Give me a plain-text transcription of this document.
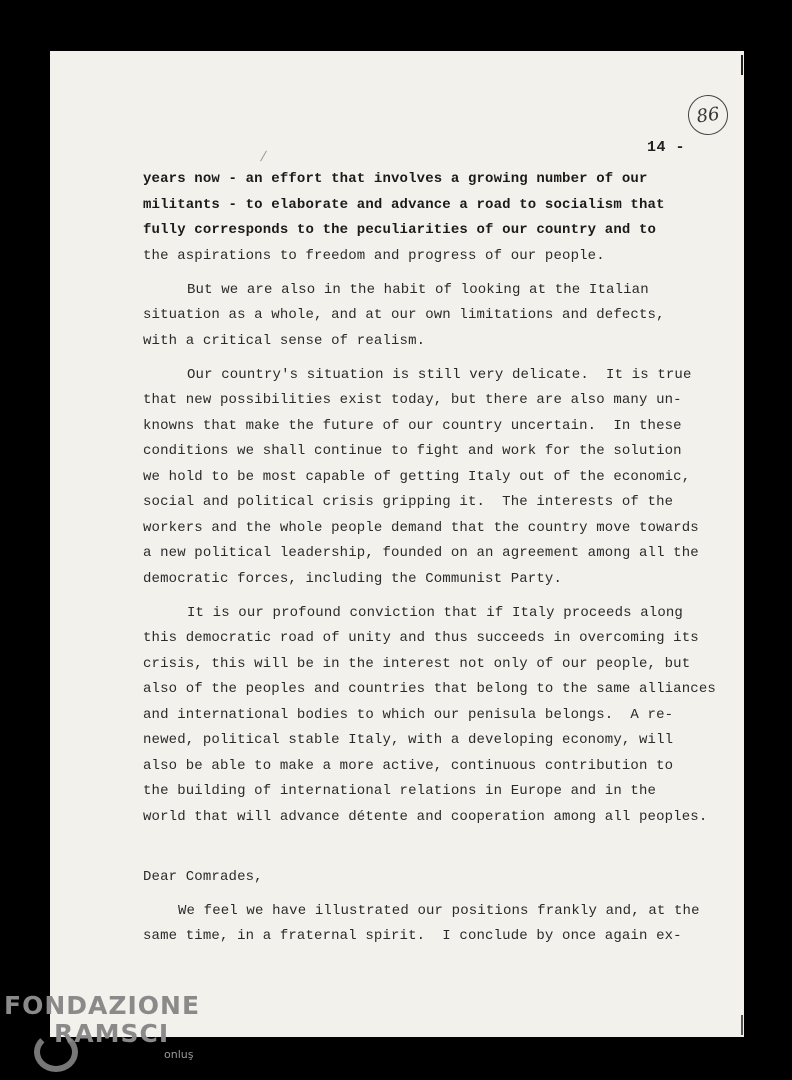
86
14 -
years now - an effort that involves a growing number of our
militants - to elaborate and advance a road to socialism that
fully corresponds to the peculiarities of our country and to
the aspirations to freedom and progress of our people.
But we are also in the habit of looking at the Italian
situation as a whole, and at our own limitations and defects,
with a critical sense of realism.
Our country's situation is still very delicate.  It is true
that new possibilities exist today, but there are also many un-
knowns that make the future of our country uncertain.  In these
conditions we shall continue to fight and work for the solution
we hold to be most capable of getting Italy out of the economic,
social and political crisis gripping it.  The interests of the
workers and the whole people demand that the country move towards
a new political leadership, founded on an agreement among all the
democratic forces, including the Communist Party.
It is our profound conviction that if Italy proceeds along
this democratic road of unity and thus succeeds in overcoming its
crisis, this will be in the interest not only of our people, but
also of the peoples and countries that belong to the same alliances
and international bodies to which our penisula belongs.  A re-
newed, political stable Italy, with a developing economy, will
also be able to make a more active, continuous contribution to
the building of international relations in Europe and in the
world that will advance détente and cooperation among all peoples.
Dear Comrades,
We feel we have illustrated our positions frankly and, at the
same time, in a fraternal spirit.  I conclude by once again ex-
FONDAZIONE
RAMSCI
onluş
